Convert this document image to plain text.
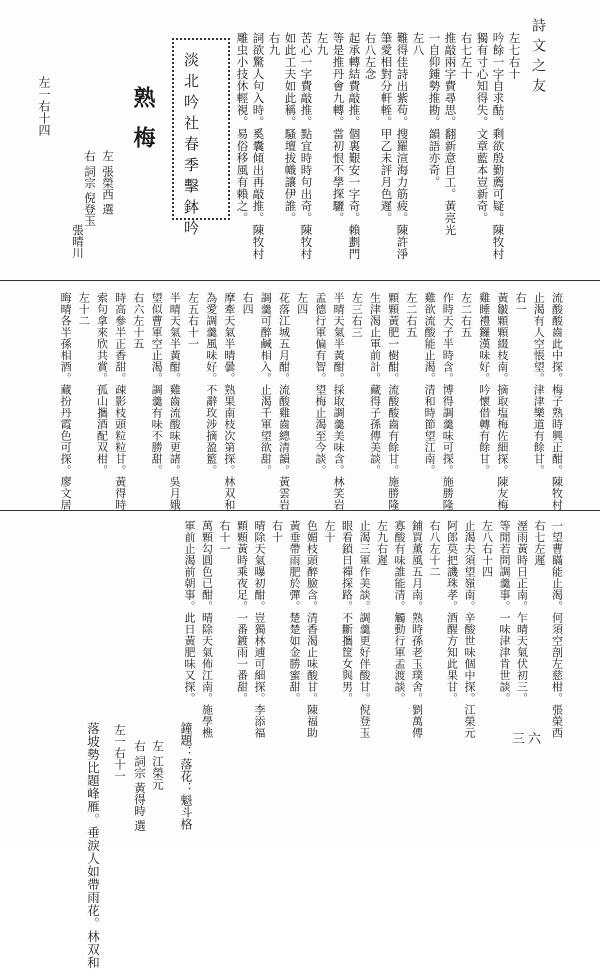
詩文之友
三六
左七右十
吟餘一字自求酤。剩欲殷勤薦可疑。陳牧村
獨有寸心知得失。文章藍本豈新奇。
右七左十
推敲兩字費尋思。翻新意自工。黃亮光
一自仰鍾勢推勘。韻語亦奇。
左八
難得佳詩出紫苟。搜羅渲海力筋疲。陳許淨
筆愛相對分軒輊。甲乙未評月色遲。
右八左念
起承轉結費敲推。個裏艱安一字奇。賴劃門
等是推丹會九轉。當初恨不學探驪。
左九
苦心一字費敲推。點宜時時句出奇。陳牧村
如此工夫如此稱。騷壇拔幟讓伊誰。
右九
詞欲驚人句入時。奚囊傾出再敲推。陳牧村
雕虫小技休輕視。易俗移風有賴之。
淡北吟社春季擊鉢吟
熟梅
左 張榮西 選
右 詞宗 倪登玉
張晴川
左一右十四
流酸酸齒此中探。梅子熟時興正酣。陳牧村
止渴有人空悵望。津津樂道有餘甘。
右一
黃皺顆顆綴枝南。摘取塩梅佐細探。陳友梅
雞睡禮鑼漢味好。吟懷借轉有餘甘。
左二右五
作時天子半時含。博得調羹味可探。施勝隆
雞欲流酸能止渴。清和時節望江南。
左二右五
顆顆黃肥一樹酣。流酸酸齒有餘甘。施勝隆
生津渴止軍前計。藏得子孫傳美談。
左三右三
半晴天氣半黃酣。採取調羹美味含。林笑岩
孟德行軍偏有智。望梅止渴至今談。
左四
花落江城五月酣。流酸雞齒總清韻。黃雲岩
調羹可醉鹹相入。止渴千軍望欲甜。
右四
摩牽天氣半晴曇。熟果南枝次第探。林双和
為愛調羹風味好。不辭玫涉摘盈籃。
左五右十一
半晴天氣半黃酣。雞齒流酸味更諸。吳月娥
望似曹軍空止渴。調羹有味不勝甜。
右六左十五
時高參半正香甜。疎影枝頭粒粒甘。黃得時
索句拿來欣共賞。孤山攜酒配双柑。
左十二
晦晴各半孫相酒。藏扮丹霞色可探。廖文居
一望曹瞞能止渴。何須空剖左慈柑。張榮西
右七左遲
溼雨黃時日正南。乍晴天氣伏初三。
等閒若問調羹事。一味津津肯世談。
左八右十四
止渴夫須望嶺南。辛酸世味個中探。江榮元
阿郎莫把譏珠孝。酒醒方知此果甘。
右八左十二
鋪買薰風五月南。熟時孫老玉璞舍。劉萬傳
寡酸有味誰能清。觸動行軍孟渡談。
左九右遲
止渴三軍作美談。調羹更好伴酸甘。倪登玉
眼看鎖日禪探路。不斷攜筐女與男。
左十
色媚枝頭醉臉含。清香渴止味酸甘。陳福助
黃垂帶雨肥於彈。楚楚如金勝蜜甜。
右十
晴除天氣曝初酣。豈獨林逋可細探。李添福
顆顆黃時乘夜足。一番鍍雨一番甜。
右十一
萬顆勾圓色已酣。晴除天氣佈江南。施學樵
軍前止渴前朝事。此日黃肥味又探。
鐘題：落花：魁斗格
左 江榮元
右 詞宗 黃得時 選
左一右十一
落坡勢比題峰雁。垂淚人如帶雨花。林双和
